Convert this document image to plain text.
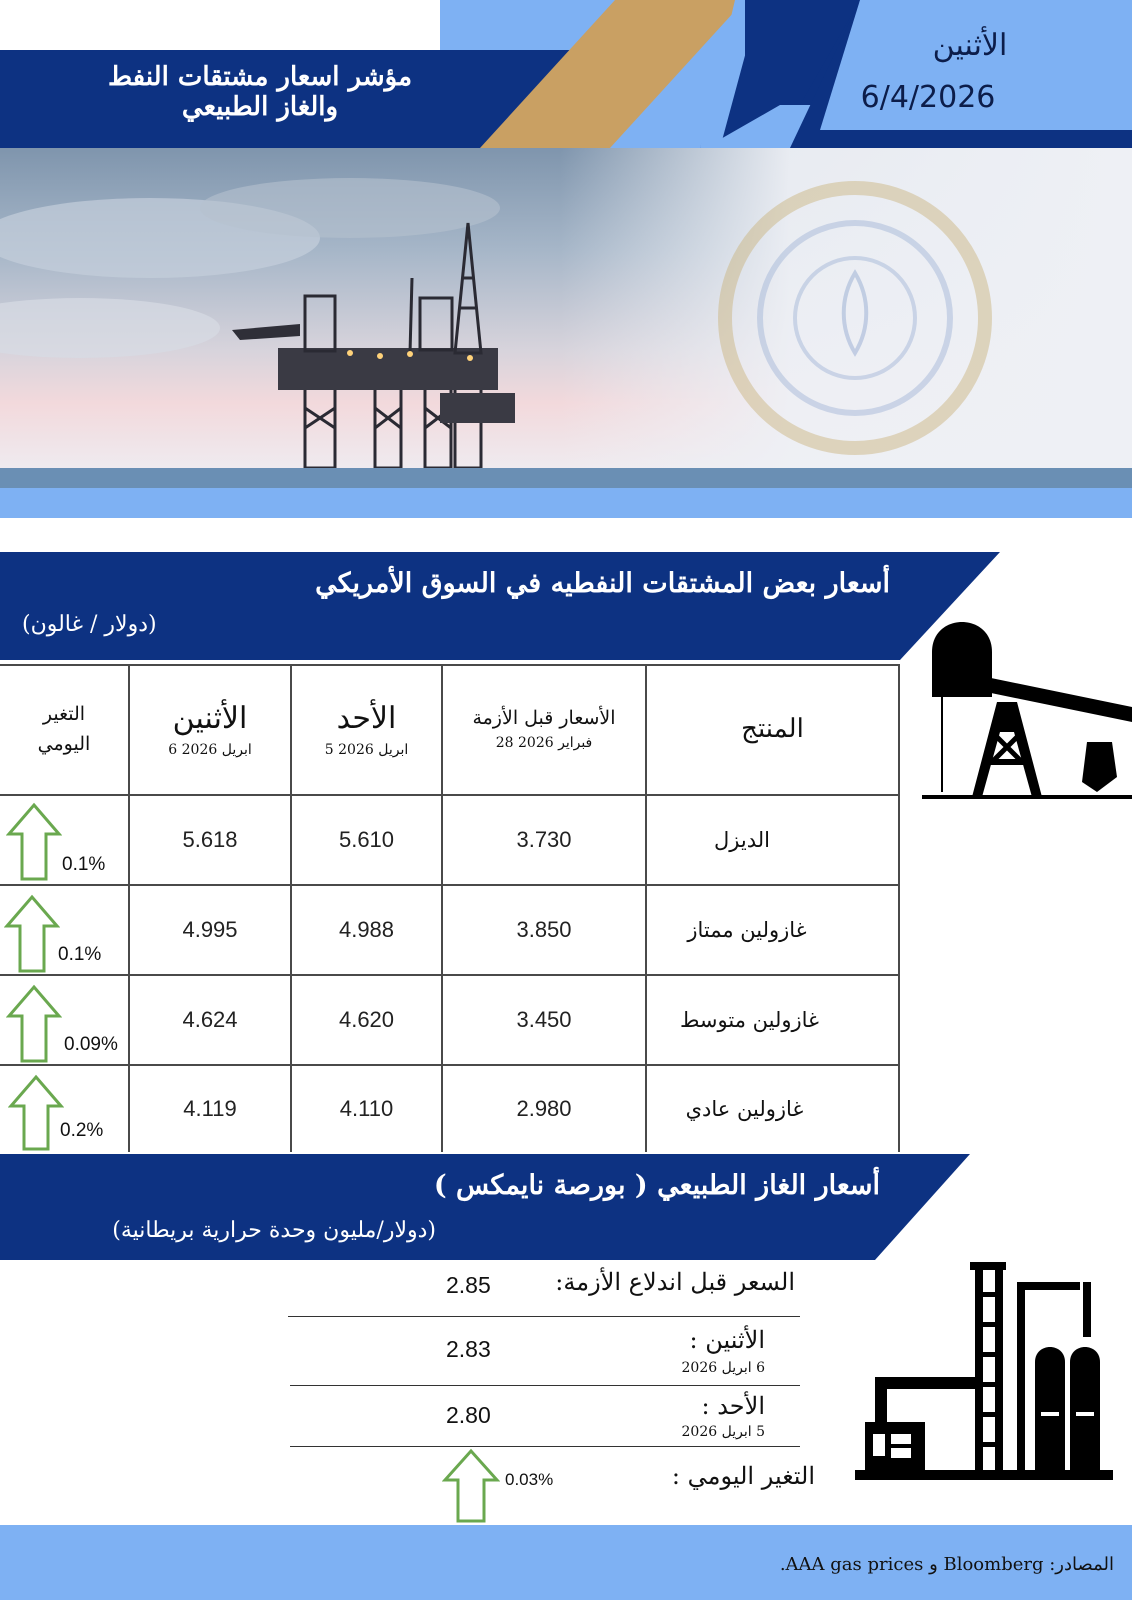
مؤشر اسعار مشتقات النفط
والغاز الطبيعي
الأثنين
6/4/2026
أسعار بعض المشتقات النفطيه في السوق الأمريكي
(دولار / غالون)
التغير
اليومي
الأثنين
6 ابريل 2026
الأحد
5 ابريل 2026
الأسعار قبل الأزمة
28 فبراير 2026	المنتج
الديزل
3.730
5.610
5.618
0.1%
غازولين ممتاز
3.850
4.988
4.995
0.1%
غازولين متوسط
3.450
4.620
4.624
0.09%
غازولين عادي
2.980
4.110
4.119
0.2%
أسعار الغاز الطبيعي ( بورصة نايمكس )
(دولار/مليون وحدة حرارية بريطانية)
السعر قبل اندلاع الأزمة:
2.85
الأثنين :
6 ابريل 2026
2.83
الأحد :
5 ابريل 2026
2.80
التغير اليومي :
0.03%
المصادر: Bloomberg و AAA gas prices.
